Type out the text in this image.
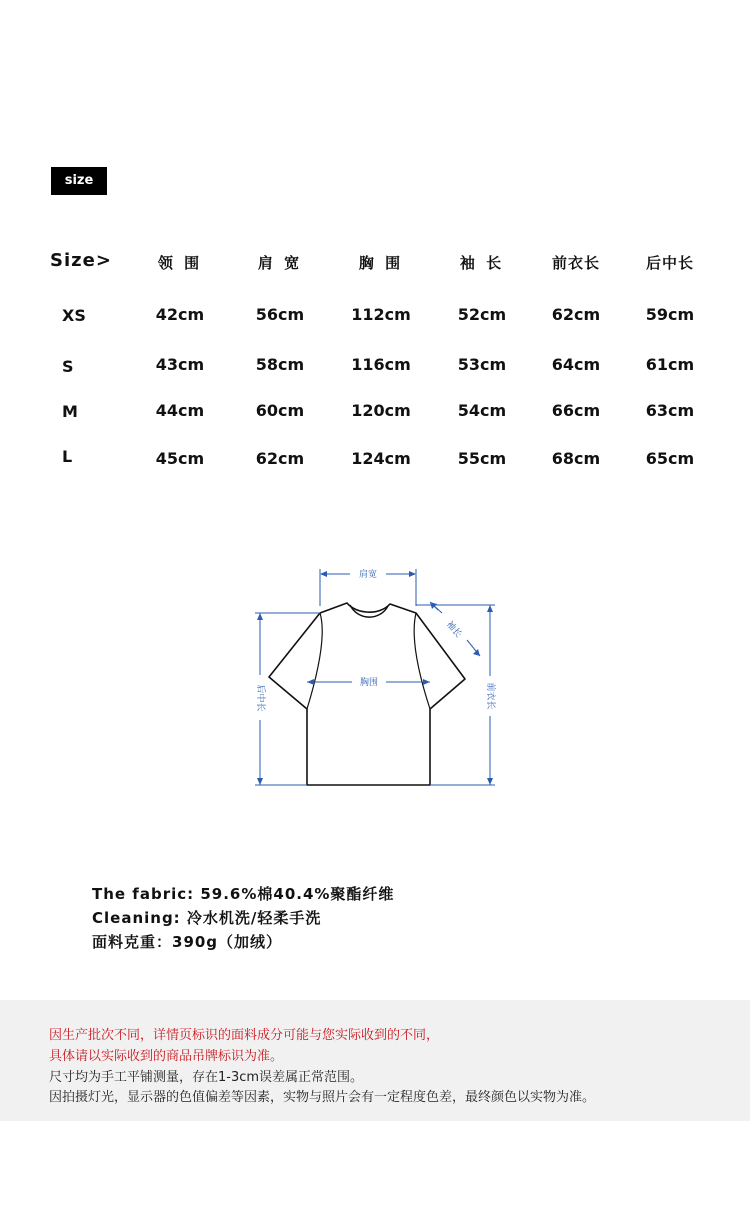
size
Size>	领 围	肩 宽	胸 围	袖 长	前衣长	后中长
XS	42cm	56cm	112cm	52cm	62cm	59cm
S	43cm	58cm	116cm	53cm	64cm	61cm
M	44cm	60cm	120cm	54cm	66cm	63cm
L	45cm	62cm	124cm	55cm	68cm	65cm
肩宽
胸围
袖长
后中长	前衣长
The fabric: 59.6%棉40.4%聚酯纤维
Cleaning: 冷水机洗/轻柔手洗
面料克重：390g（加绒）
因生产批次不同，详情页标识的面料成分可能与您实际收到的不同，
具体请以实际收到的商品吊牌标识为准。
尺寸均为手工平铺测量，存在1-3cm误差属正常范围。
因拍摄灯光，显示器的色值偏差等因素，实物与照片会有一定程度色差，最终颜色以实物为准。
